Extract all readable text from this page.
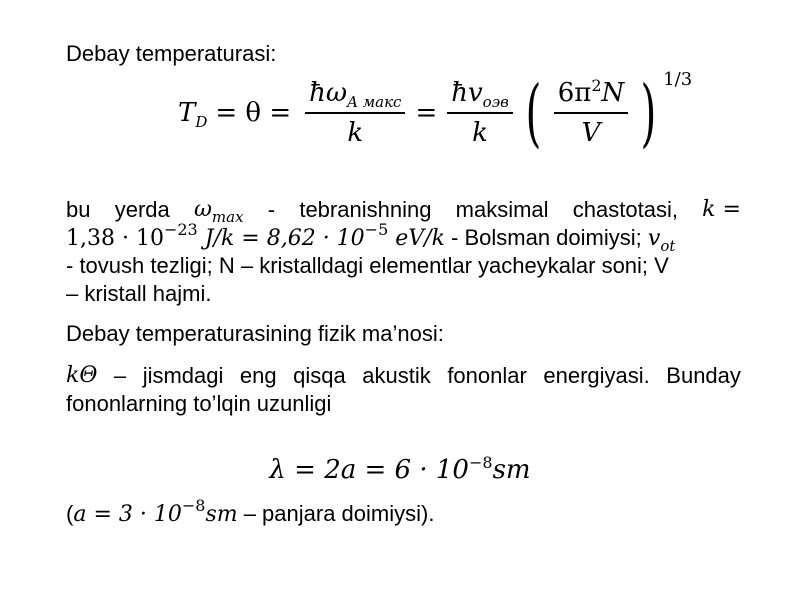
Debay temperaturasi:
$T_D = \theta = \frac{ħ\omega_{A макс}}{k} = \frac{ħv_{оэв}}{k}$ ( $\frac{6\pi^2N}{V}$ ) 1/3
bu yerda $\omega_{max}$ - tebranishning maksimal chastotasi, k =
$1,38 \cdot 10^{-23}$ $J/k = 8,62 \cdot 10^{-5}$ eV/k - Bolsman doimiysi; $v_{ot}$
- tovush tezligi; N – kristalldagi elementlar yacheykalar soni; V
– kristall hajmi.
Debay temperaturasining fizik ma’nosi:
kΘ – jismdagi eng qisqa akustik fononlar energiyasi. Bunday
fononlarning to’lqin uzunligi
$\lambda = 2a = 6 \cdot 10^{-8}sm$
($a = 3 \cdot 10^{-8}sm$ – panjara doimiysi).
